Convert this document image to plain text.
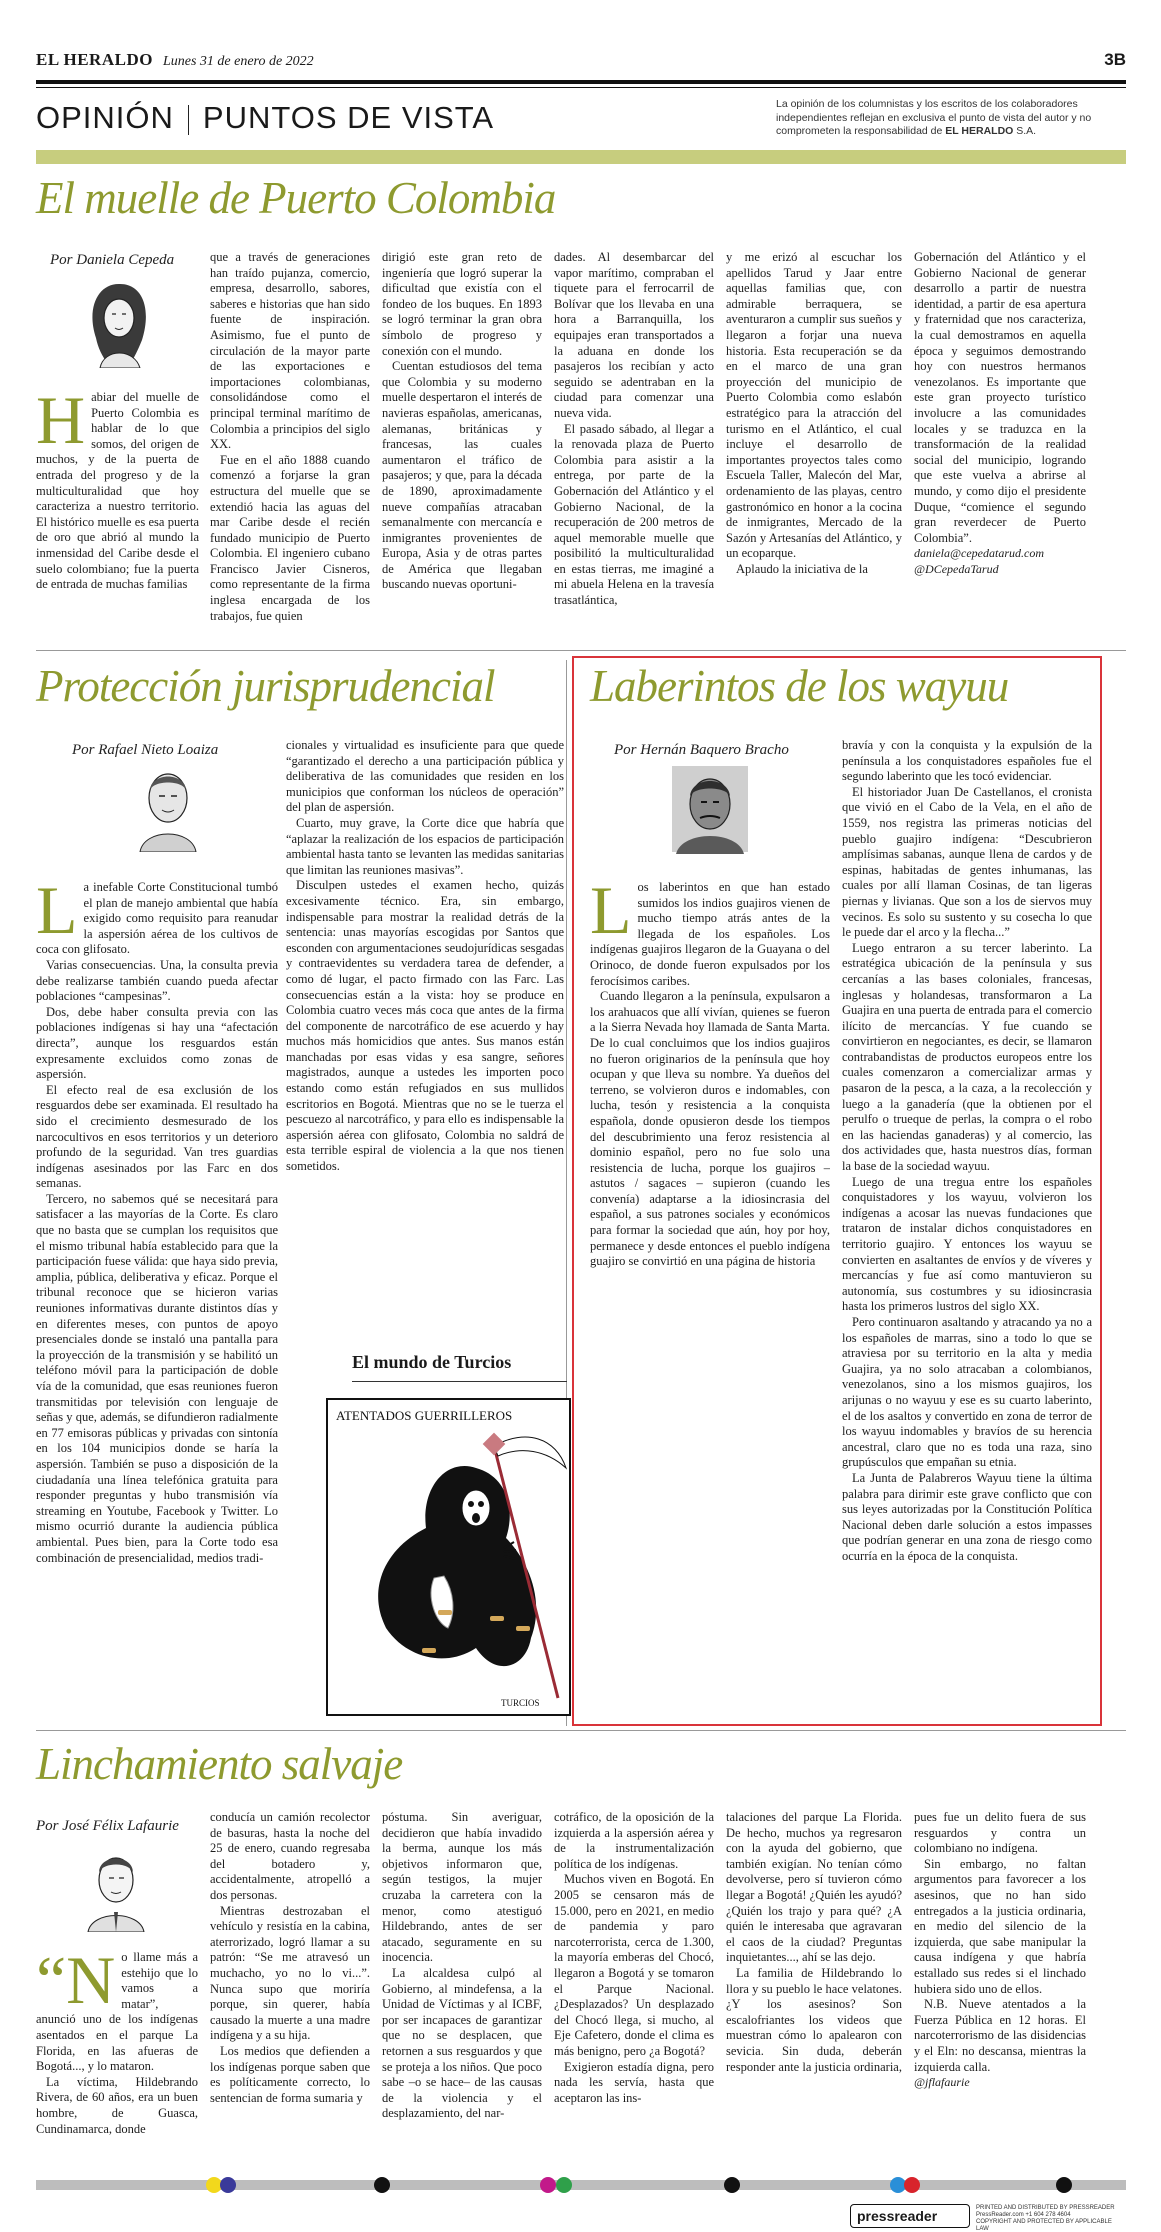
EL HERALDO Lunes 31 de enero de 2022	3B
OPINIÓN PUNTOS DE VISTA	La opinión de los columnistas y los escritos de los colaboradores independientes reflejan en exclusiva el punto de vista del autor y no comprometen la responsabilidad de EL HERALDO S.A.
El muelle de Puerto Colombia
Por Daniela Cepeda
H abiar del muelle de Puerto Colombia es hablar de lo que somos, del origen de muchos, y de la puerta de entrada del progreso y de la multiculturalidad que hoy caracteriza a nuestro territorio. El histórico muelle es esa puerta de oro que abrió al mundo la inmensidad del Caribe desde el suelo colombiano; fue la puerta de entrada de muchas familias

que a través de generaciones han traído pujanza, comercio, empresa, desarrollo, sabores, saberes e historias que han sido fuente de inspiración. Asimismo, fue el punto de circulación de la mayor parte de las exportaciones e importaciones colombianas, consolidándose como el principal terminal marítimo de Colombia a principios del siglo XX.

Fue en el año 1888 cuando comenzó a forjarse la gran estructura del muelle que se extendió hacia las aguas del mar Caribe desde el recién fundado municipio de Puerto Colombia. El ingeniero cubano Francisco Javier Cisneros, como representante de la firma inglesa encargada de los trabajos, fue quien

dirigió este gran reto de ingeniería que logró superar la dificultad que existía con el fondeo de los buques. En 1893 se logró terminar la gran obra símbolo de progreso y conexión con el mundo.

Cuentan estudiosos del tema que Colombia y su moderno muelle despertaron el interés de navieras españolas, americanas, alemanas, británicas y francesas, las cuales aumentaron el tráfico de pasajeros; y que, para la década de 1890, aproximadamente nueve compañías atracaban semanalmente con mercancía e inmigrantes provenientes de Europa, Asia y de otras partes de América que llegaban buscando nuevas oportuni-

dades. Al desembarcar del vapor marítimo, compraban el tiquete para el ferrocarril de Bolívar que los llevaba en una hora a Barranquilla, los equipajes eran transportados a la aduana en donde los pasajeros los recibían y acto seguido se adentraban en la ciudad para comenzar una nueva vida.

El pasado sábado, al llegar a la renovada plaza de Puerto Colombia para asistir a la entrega, por parte de la Gobernación del Atlántico y el Gobierno Nacional, de la recuperación de 200 metros de aquel memorable muelle que posibilitó la multiculturalidad en estas tierras, me imaginé a mi abuela Helena en la travesía trasatlántica,

y me erizó al escuchar los apellidos Tarud y Jaar entre aquellas familias que, con admirable berraquera, se aventuraron a cumplir sus sueños y llegaron a forjar una nueva historia. Esta recuperación se da en el marco de una gran proyección del municipio de Puerto Colombia como eslabón estratégico para la atracción del turismo en el Atlántico, el cual incluye el desarrollo de importantes proyectos tales como Escuela Taller, Malecón del Mar, ordenamiento de las playas, centro gastronómico en honor a la cocina de inmigrantes, Mercado de la Sazón y Artesanías del Atlántico, y un ecoparque.

Aplaudo la iniciativa de la

Gobernación del Atlántico y el Gobierno Nacional de generar desarrollo a partir de nuestra identidad, a partir de esa apertura y fraternidad que nos caracteriza, la cual demostramos en aquella época y seguimos demostrando hoy con nuestros hermanos venezolanos. Es importante que este gran proyecto turístico involucre a las comunidades locales y se traduzca en la transformación de la realidad social del municipio, logrando que este vuelva a abrirse al mundo, y como dijo el presidente Duque, “comience el segundo gran reverdecer de Puerto Colombia”.

daniela@cepedatarud.com
@DCepedaTarud
Protección jurisprudencial
Por Rafael Nieto Loaiza
L a inefable Corte Constitucional tumbó el plan de manejo ambiental que había exigido como requisito para reanudar la aspersión aérea de los cultivos de coca con glifosato.

Varias consecuencias. Una, la consulta previa debe realizarse también cuando pueda afectar poblaciones “campesinas”.

Dos, debe haber consulta previa con las poblaciones indígenas si hay una “afectación directa”, aunque los resguardos están expresamente excluidos como zonas de aspersión.

El efecto real de esa exclusión de los resguardos debe ser examinada. El resultado ha sido el crecimiento desmesurado de los narcocultivos en esos territorios y un deterioro profundo de la seguridad. Van tres guardias indígenas asesinados por las Farc en dos semanas.

Tercero, no sabemos qué se necesitará para satisfacer a las mayorías de la Corte. Es claro que no basta que se cumplan los requisitos que el mismo tribunal había establecido para que la participación fuese válida: que haya sido previa, amplia, pública, deliberativa y eficaz. Porque el tribunal reconoce que se hicieron varias reuniones informativas durante distintos días y en diferentes meses, con puntos de apoyo presenciales donde se instaló una pantalla para la proyección de la transmisión y se habilitó un teléfono móvil para la participación de doble vía de la comunidad, que esas reuniones fueron transmitidas por televisión con lenguaje de señas y que, además, se difundieron radialmente en 77 emisoras públicas y privadas con sintonía en los 104 municipios donde se haría la aspersión. También se puso a disposición de la ciudadanía una línea telefónica gratuita para responder preguntas y hubo transmisión vía streaming en Youtube, Facebook y Twitter. Lo mismo ocurrió durante la audiencia pública ambiental. Pues bien, para la Corte todo esa combinación de presencialidad, medios tradi-

cionales y virtualidad es insuficiente para que quede “garantizado el derecho a una participación pública y deliberativa de las comunidades que residen en los municipios que conforman los núcleos de operación” del plan de aspersión.

Cuarto, muy grave, la Corte dice que habría que “aplazar la realización de los espacios de participación ambiental hasta tanto se levanten las medidas sanitarias que limitan las reuniones masivas”.

Disculpen ustedes el examen hecho, quizás excesivamente técnico. Era, sin embargo, indispensable para mostrar la realidad detrás de la sentencia: unas mayorías escogidas por Santos que esconden con argumentaciones seudojurídicas sesgadas y contraevidentes su verdadera tarea de defender, a como dé lugar, el pacto firmado con las Farc. Las consecuencias están a la vista: hoy se produce en Colombia cuatro veces más coca que antes de la firma del componente de narcotráfico de ese acuerdo y hay muchos más homicidios que antes. Sus manos están manchadas por esas vidas y esa sangre, señores magistrados, aunque a ustedes les importen poco estando como están refugiados en sus mullidos escritorios en Bogotá. Mientras que no se le tuerza el pescuezo al narcotráfico, y para ello es indispensable la aspersión aérea con glifosato, Colombia no saldrá de esta terrible espiral de violencia a la que nos tienen sometidos.

Laberintos de los wayuu
Por Hernán Baquero Bracho
L os laberintos en que han estado sumidos los indios guajiros vienen de mucho tiempo atrás antes de la llegada de los españoles. Los indígenas guajiros llegaron de la Guayana o del Orinoco, de donde fueron expulsados por los ferocísimos caribes.

Cuando llegaron a la península, expulsaron a los arahuacos que allí vivían, quienes se fueron a la Sierra Nevada hoy llamada de Santa Marta. De lo cual concluimos que los indios guajiros no fueron originarios de la península que hoy ocupan y que lleva su nombre. Ya dueños del terreno, se volvieron duros e indomables, con lucha, tesón y resistencia a la conquista española, donde opusieron desde los tiempos del descubrimiento una feroz resistencia al dominio español, pero no fue solo una resistencia de lucha, porque los guajiros – astutos / sagaces – supieron (cuando les convenía) adaptarse a la idiosincrasia del español, a sus patrones sociales y económicos para formar la sociedad que aún, hoy por hoy, permanece y desde entonces el pueblo indígena guajiro se convirtió en una página de historia

bravía y con la conquista y la expulsión de la península a los conquistadores españoles fue el segundo laberinto que les tocó evidenciar.

El historiador Juan De Castellanos, el cronista que vivió en el Cabo de la Vela, en el año de 1559, nos registra las primeras noticias del pueblo guajiro indígena: “Descubrieron amplísimas sabanas, aunque llena de cardos y de espinas, habitadas de gentes inhumanas, las cuales por allí llaman Cosinas, de tan ligeras piernas y livianas. Que son a los de siervos muy vecinos. Es solo su sustento y su cosecha lo que le puede dar el arco y la flecha...”

Luego entraron a su tercer laberinto. La estratégica ubicación de la península y sus cercanías a las bases coloniales, francesas, inglesas y holandesas, transformaron a La Guajira en una puerta de entrada para el comercio ilícito de mercancías. Y fue cuando se convirtieron en negociantes, es decir, se llamaron contrabandistas de productos europeos entre los cuales comenzaron a comercializar armas y pasaron de la pesca, a la caza, a la recolección y luego a la ganadería (que la obtienen por el perulfo o trueque de perlas, la compra o el robo en las haciendas ganaderas) y al comercio, las dos actividades que, hasta nuestros días, forman la base de la sociedad wayuu.

Luego de una tregua entre los españoles conquistadores y los wayuu, volvieron los indígenas a acosar las nuevas fundaciones que trataron de instalar dichos conquistadores en territorio guajiro. Y entonces los wayuu se convierten en asaltantes de envíos y de víveres y mercancías y fue así como mantuvieron su autonomía, sus costumbres y su idiosincrasia hasta los primeros lustros del siglo XX.

Pero continuaron asaltando y atracando ya no a los españoles de marras, sino a todo lo que se atraviesa por su territorio en la alta y media Guajira, ya no solo atracaban a colombianos, venezolanos, sino a los mismos guajiros, los arijunas o no wayuu y ese es su cuarto laberinto, el de los asaltos y convertido en zona de terror de los wayuu indomables y bravíos de su herencia ancestral, claro que no es toda una raza, sino grupúsculos que empañan su etnia.

La Junta de Palabreros Wayuu tiene la última palabra para dirimir este grave conflicto que con sus leyes autorizadas por la Constitución Política Nacional deben darle solución a estos impasses que podrían generar en una zona de riesgo como ocurría en la época de la conquista.

El mundo de Turcios
ATENTADOS GUERRILLEROS
TURCIOS
Linchamiento salvaje
Por José Félix Lafaurie
“N o llame más a estehijo que lo vamos a matar”, anunció uno de los indígenas asentados en el parque La Florida, en las afueras de Bogotá..., y lo mataron.

La víctima, Hildebrando Rivera, de 60 años, era un buen hombre, de Guasca, Cundinamarca, donde

conducía un camión recolector de basuras, hasta la noche del 25 de enero, cuando regresaba del botadero y, accidentalmente, atropelló a dos personas.

Mientras destrozaban el vehículo y resistía en la cabina, aterrorizado, logró llamar a su patrón: “Se me atravesó un muchacho, yo no lo vi...”. Nunca supo que moriría porque, sin querer, había causado la muerte a una madre indígena y a su hija.

Los medios que defienden a los indígenas porque saben que es políticamente correcto, lo sentencian de forma sumaria y

póstuma. Sin averiguar, decidieron que había invadido la berma, aunque los más objetivos informaron que, según testigos, la mujer cruzaba la carretera con la menor, como atestiguó Hildebrando, antes de ser atacado, seguramente en su inocencia.

La alcaldesa culpó al Gobierno, al mindefensa, a la Unidad de Víctimas y al ICBF, por ser incapaces de garantizar que no se desplacen, que retornen a sus resguardos y que se proteja a los niños. Que poco sabe –o se hace– de las causas de la violencia y el desplazamiento, del nar-

cotráfico, de la oposición de la izquierda a la aspersión aérea y de la instrumentalización política de los indígenas.

Muchos viven en Bogotá. En 2005 se censaron más de 15.000, pero en 2021, en medio de pandemia y paro narcoterrorista, cerca de 1.300, la mayoría emberas del Chocó, llegaron a Bogotá y se tomaron el Parque Nacional. ¿Desplazados? Un desplazado del Chocó llega, si mucho, al Eje Cafetero, donde el clima es más benigno, pero ¿a Bogotá?

Exigieron estadía digna, pero nada les servía, hasta que aceptaron las ins-

talaciones del parque La Florida. De hecho, muchos ya regresaron con la ayuda del gobierno, que también exigían. No tenían cómo devolverse, pero sí tuvieron cómo llegar a Bogotá! ¿Quién les ayudó? ¿Quién los trajo y para qué? ¿A quién le interesaba que agravaran el caos de la ciudad? Preguntas inquietantes..., ahí se las dejo.

La familia de Hildebrando lo llora y su pueblo le hace velatones. ¿Y los asesinos? Son escalofriantes los videos que muestran cómo lo apalearon con sevicia. Sin duda, deberán responder ante la justicia ordinaria,

pues fue un delito fuera de sus resguardos y contra un colombiano no indígena.

Sin embargo, no faltan argumentos para favorecer a los asesinos, que no han sido entregados a la justicia ordinaria, en medio del silencio de la izquierda, que sabe manipular la causa indígena y que habría estallado sus redes si el linchado hubiera sido uno de ellos.

N.B. Nueve atentados a la Fuerza Pública en 12 horas. El narcoterrorismo de las disidencias y el Eln: no descansa, mientras la izquierda calla.

@jflafaurie
pressreader	PRINTED AND DISTRIBUTED BY PRESSREADER
PressReader.com +1 604 278 4604
COPYRIGHT AND PROTECTED BY APPLICABLE LAW
